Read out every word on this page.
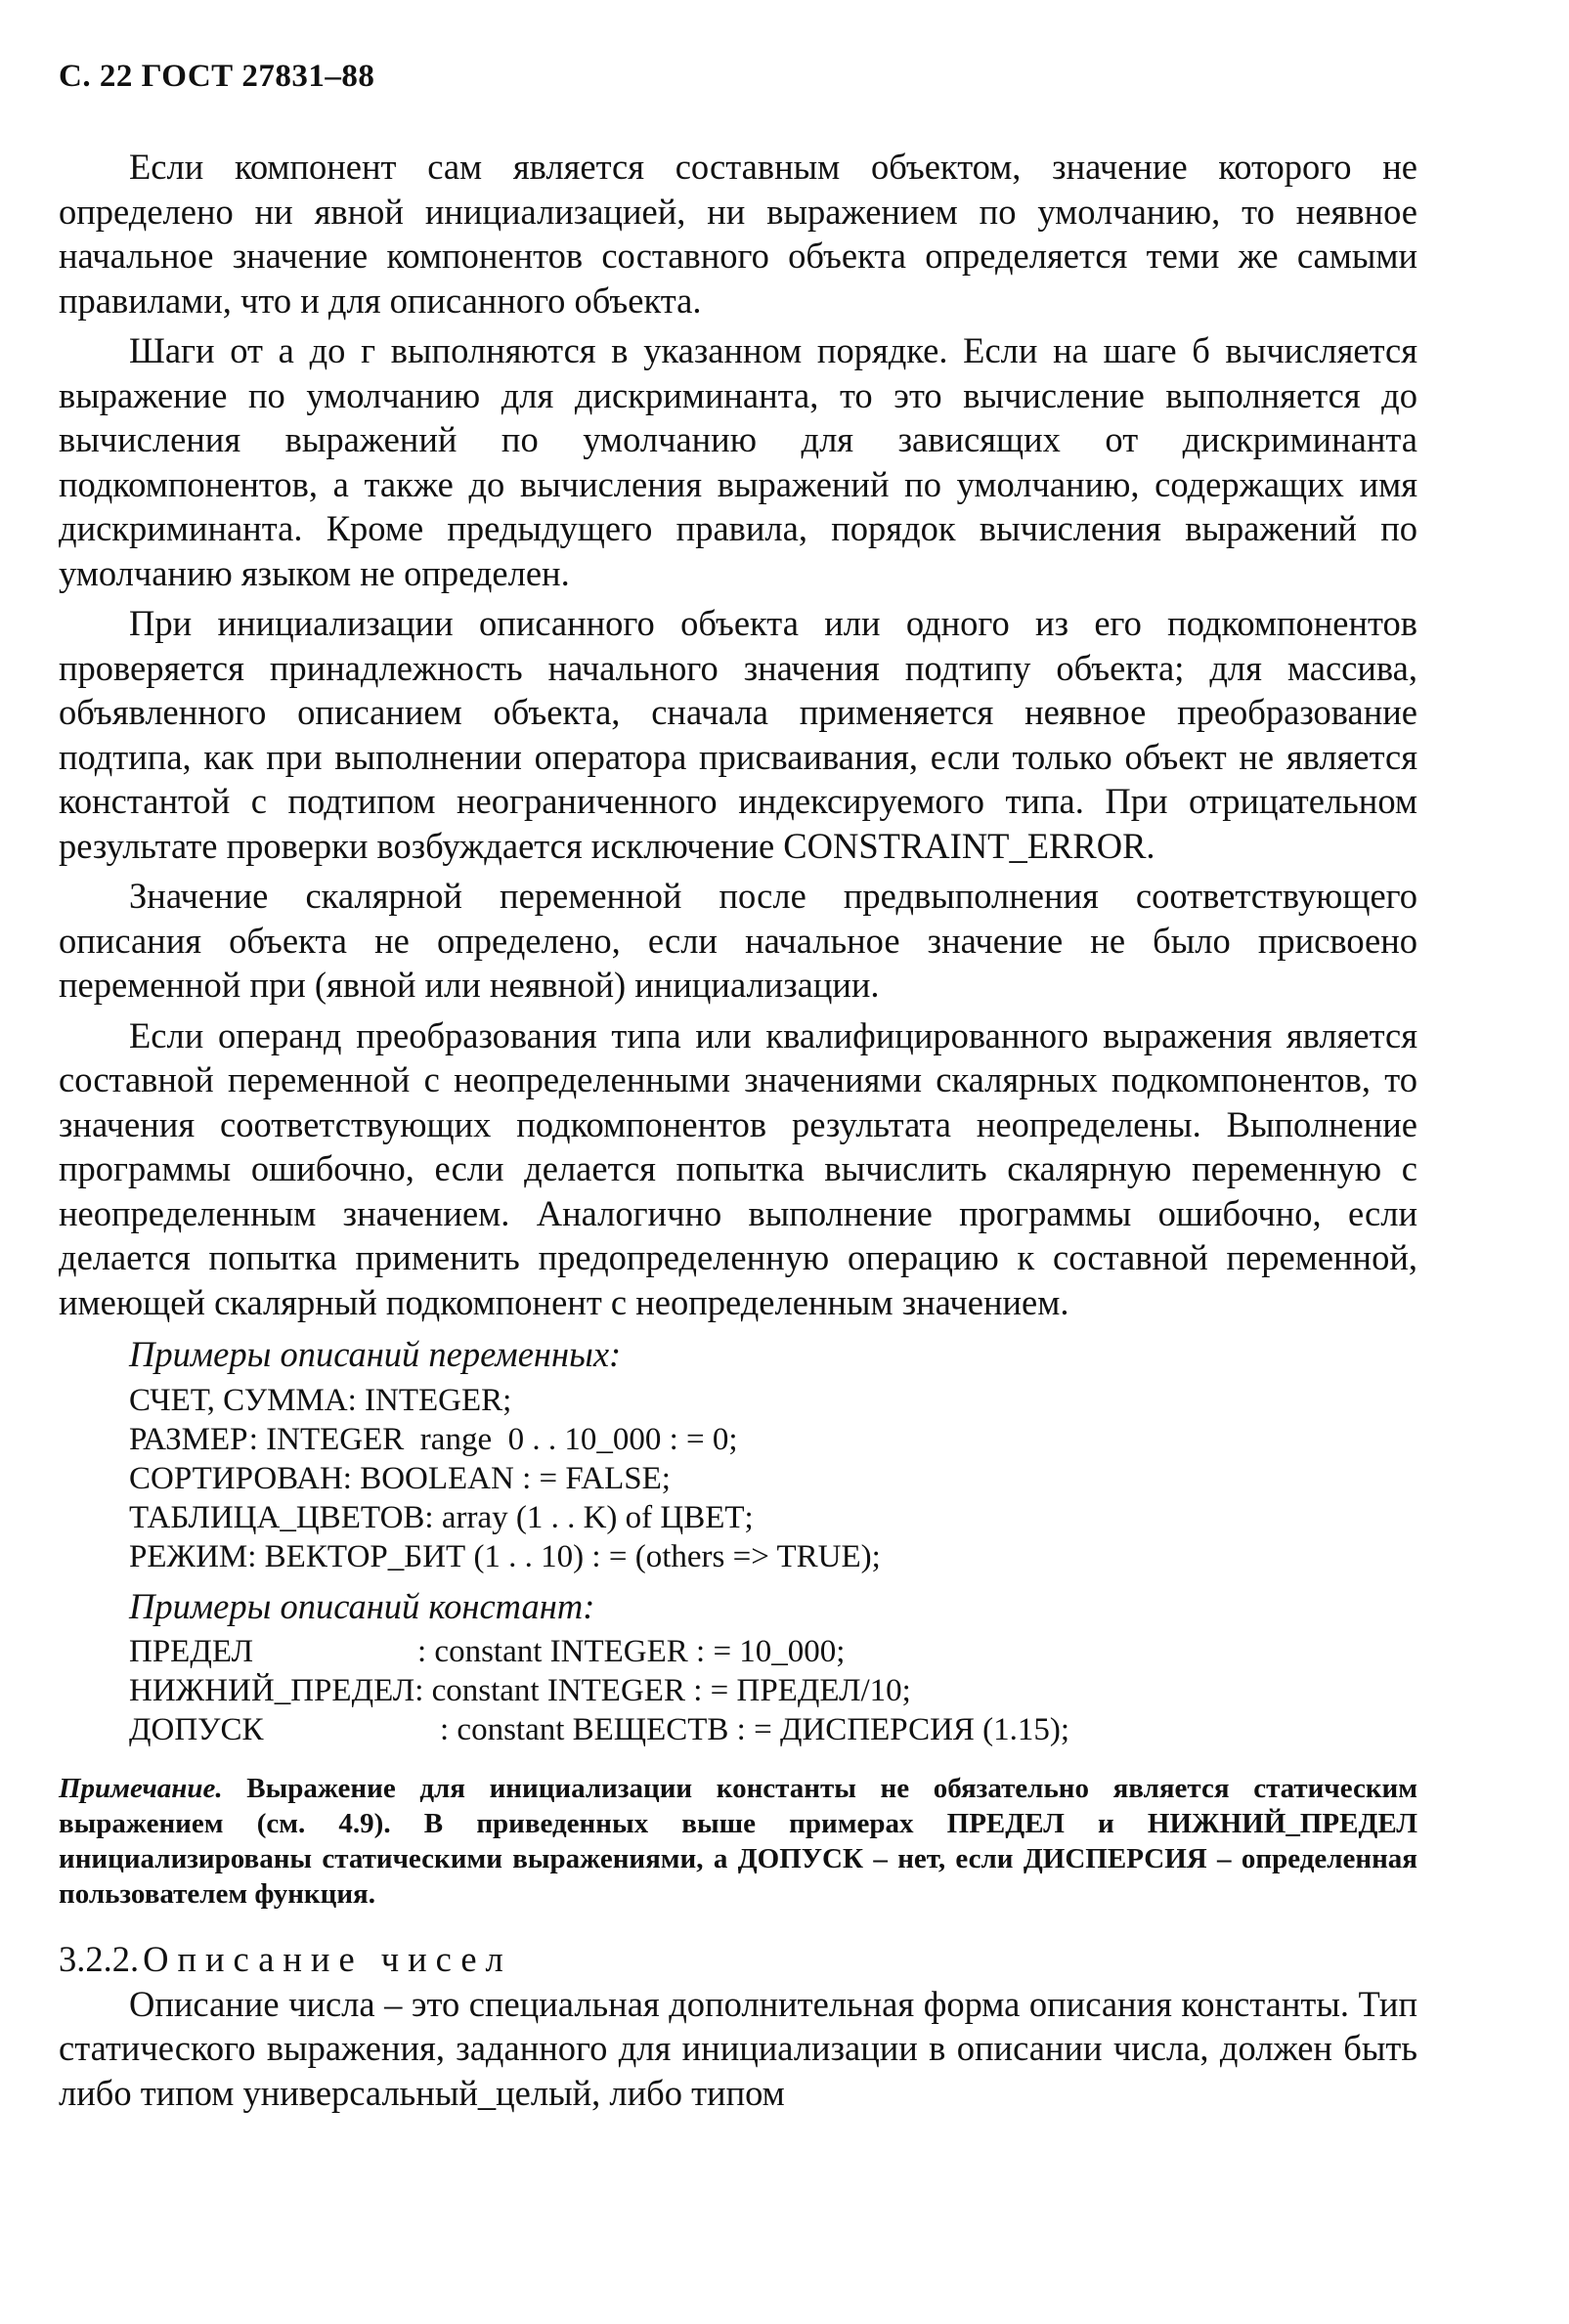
С. 22 ГОСТ 27831–88

Если компонент сам является составным объектом, значение которого не определено ни явной инициализацией, ни выражением по умолчанию, то неявное начальное значение компонентов составного объекта определяется теми же самыми правилами, что и для описанного объекта.

Шаги от а до г выполняются в указанном порядке. Если на шаге б вычисляется выражение по умолчанию для дискриминанта, то это вычисление выполняется до вычисления выражений по умолчанию для зависящих от дискриминанта подкомпонентов, а также до вычисления выражений по умолчанию, содержащих имя дискриминанта. Кроме предыдущего правила, порядок вычисления выражений по умолчанию языком не определен.

При инициализации описанного объекта или одного из его подкомпонентов проверяется принадлежность начального значения подтипу объекта; для массива, объявленного описанием объекта, сначала применяется неявное преобразование подтипа, как при выполнении оператора присваивания, если только объект не является константой с подтипом неограниченного индексируемого типа. При отрицательном результате проверки возбуждается исключение CONSTRAINT_ERROR.

Значение скалярной переменной после предвыполнения соответствующего описания объекта не определено, если начальное значение не было присвоено переменной при (явной или неявной) инициализации.

Если операнд преобразования типа или квалифицированного выражения является составной переменной с неопределенными значениями скалярных подкомпонентов, то значения соответствующих подкомпонентов результата неопределены. Выполнение программы ошибочно, если делается попытка вычислить скалярную переменную с неопределенным значением. Аналогично выполнение программы ошибочно, если делается попытка применить предопределенную операцию к составной переменной, имеющей скалярный подкомпонент с неопределенным значением.

Примеры описаний переменных:

СЧЕТ, СУММА: INTEGER;

РАЗМЕР: INTEGER  range  0 . . 10_000 : = 0;

СОРТИРОВАН: BOOLEAN : = FALSE;

ТАБЛИЦА_ЦВЕТОВ: array (1 . . K) of ЦВЕТ;

РЕЖИМ: ВЕКТОР_БИТ (1 . . 10) : = (others => TRUE);

Примеры описаний констант:

ПРЕДЕЛ	: constant INTEGER : = 10_000;
НИЖНИЙ_ПРЕДЕЛ : constant INTEGER : = ПРЕДЕЛ/10;
ДОПУСК	: constant ВЕЩЕСТВ : = ДИСПЕРСИЯ (1.15);

Примечание. Выражение для инициализации константы не обязательно является статическим выражением (см. 4.9). В приведенных выше примерах ПРЕДЕЛ и НИЖНИЙ_ПРЕДЕЛ инициализированы статическими выражениями, а ДОПУСК – нет, если ДИСПЕРСИЯ – определенная пользователем функция.

3.2.2. Описание чисел

Описание числа – это специальная дополнительная форма описания константы. Тип статического выражения, заданного для инициализации в описании числа, должен быть либо типом универсальный_целый, либо типом
